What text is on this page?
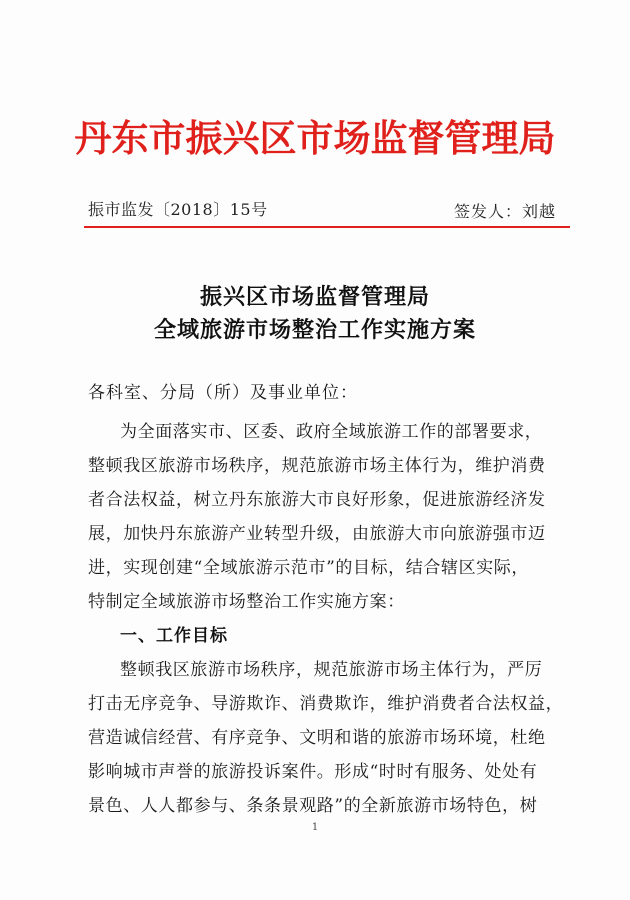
丹东市振兴区市场监督管理局
振市监发〔2018〕15号	签发人：刘越
振兴区市场监督管理局
全域旅游市场整治工作实施方案
各科室、分局（所）及事业单位：
为全面落实市、区委、政府全域旅游工作的部署要求，
整顿我区旅游市场秩序，规范旅游市场主体行为，维护消费
者合法权益，树立丹东旅游大市良好形象，促进旅游经济发
展，加快丹东旅游产业转型升级，由旅游大市向旅游强市迈
进，实现创建“全域旅游示范市”的目标，结合辖区实际，
特制定全域旅游市场整治工作实施方案：
一、工作目标
整顿我区旅游市场秩序，规范旅游市场主体行为，严厉
打击无序竞争、导游欺诈、消费欺诈，维护消费者合法权益，
营造诚信经营、有序竞争、文明和谐的旅游市场环境，杜绝
影响城市声誉的旅游投诉案件。形成“时时有服务、处处有
景色、人人都参与、条条景观路”的全新旅游市场特色，树
1
